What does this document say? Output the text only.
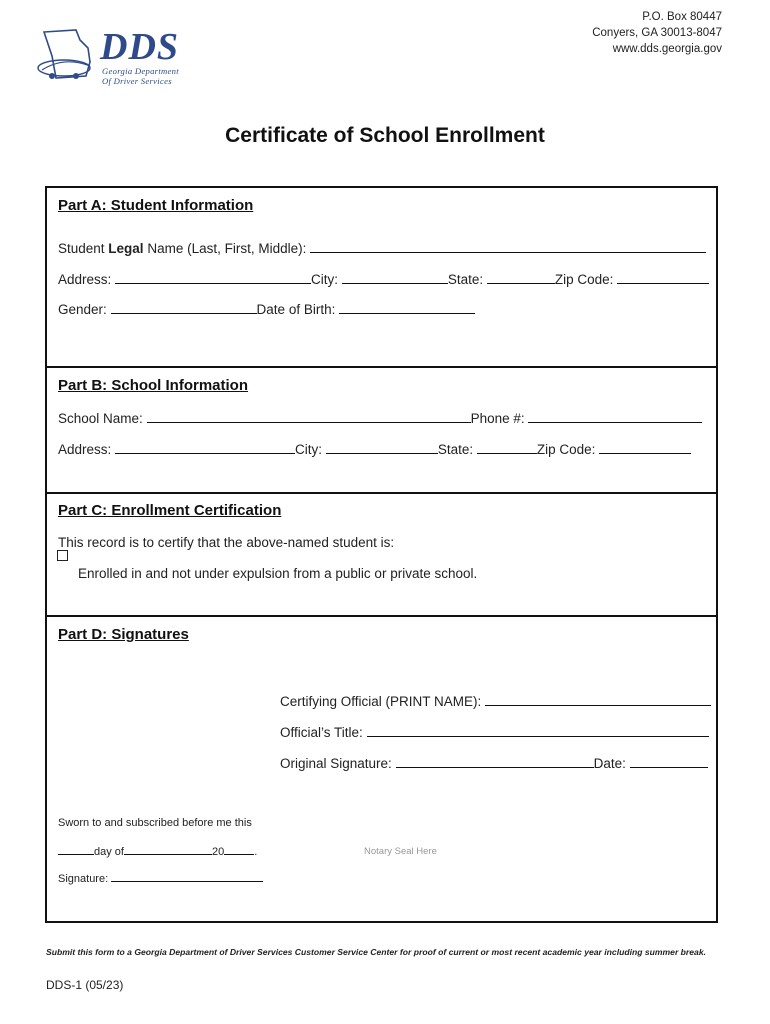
P.O. Box 80447
Conyers, GA 30013-8047
www.dds.georgia.gov
DDS
Georgia Department
Of Driver Services
Certificate of School Enrollment
Part A: Student Information
Student Legal Name (Last, First, Middle):
Address:	City:	State:	Zip Code:
Gender:	Date of Birth:
Part B: School Information
School Name:	Phone #:
Address:	City:	State:	Zip Code:
Part C: Enrollment Certification
This record is to certify that the above-named student is:
Enrolled in and not under expulsion from a public or private school.
Part D: Signatures
Certifying Official (PRINT NAME):
Official’s Title:
Original Signature:	Date:
Sworn to and subscribed before me this
day of	20	.	Notary Seal Here
Signature:
Submit this form to a Georgia Department of Driver Services Customer Service Center for proof of current or most recent academic year including summer break.
DDS-1 (05/23)
